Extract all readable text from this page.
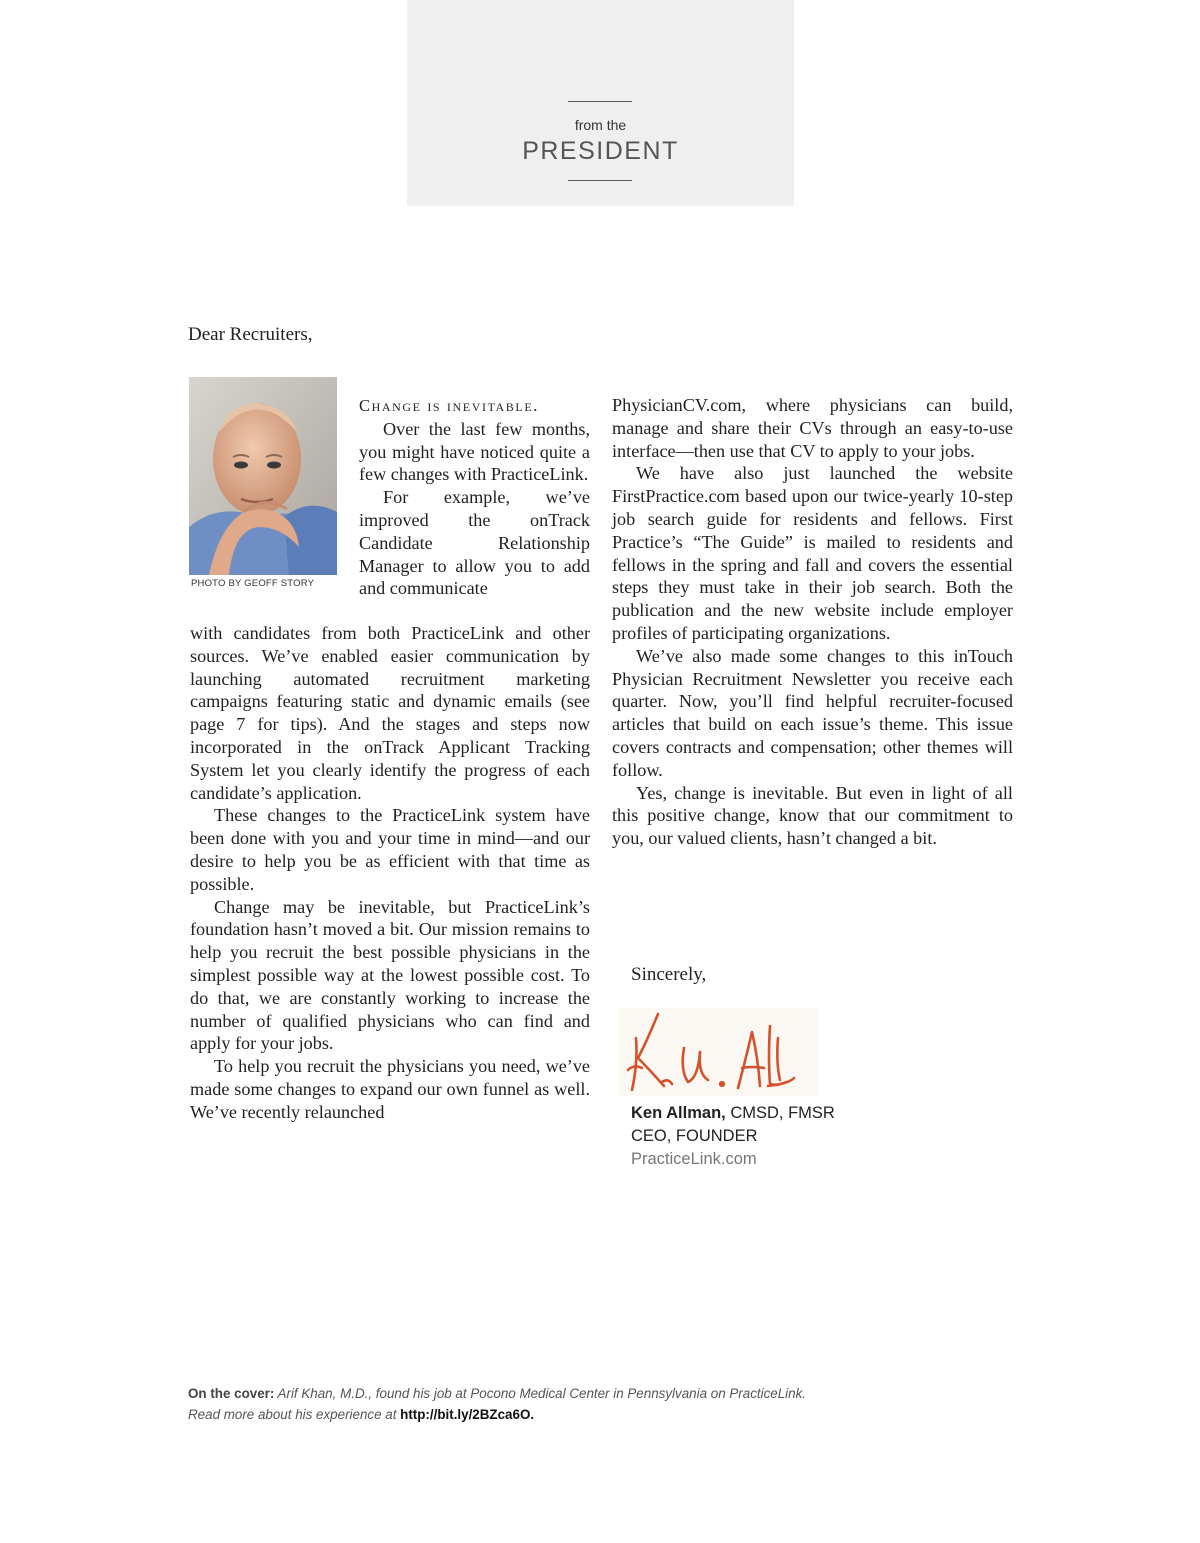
from the
PRESIDENT
Dear Recruiters,
PHOTO BY GEOFF STORY

Change is inevitable.
Over the last few months, you might have noticed quite a few changes with PracticeLink.

For example, we’ve improved the onTrack Candidate Relationship Manager to allow you to add and communicate

with candidates from both PracticeLink and other sources. We’ve enabled easier communication by launching automated recruitment marketing campaigns featuring static and dynamic emails (see page 7 for tips). And the stages and steps now incorporated in the onTrack Applicant Tracking System let you clearly identify the progress of each candidate’s application.

These changes to the PracticeLink system have been done with you and your time in mind—and our desire to help you be as efficient with that time as possible.

Change may be inevitable, but PracticeLink’s foundation hasn’t moved a bit. Our mission remains to help you recruit the best possible physicians in the simplest possible way at the lowest possible cost. To do that, we are constantly working to increase the number of qualified physicians who can find and apply for your jobs.

To help you recruit the physicians you need, we’ve made some changes to expand our own funnel as well. We’ve recently relaunched

PhysicianCV.com, where physicians can build, manage and share their CVs through an easy-to-use interface—then use that CV to apply to your jobs.

We have also just launched the website FirstPractice.com based upon our twice-yearly 10-step job search guide for residents and fellows. First Practice’s “The Guide” is mailed to residents and fellows in the spring and fall and covers the essential steps they must take in their job search. Both the publication and the new website include employer profiles of participating organizations.

We’ve also made some changes to this inTouch Physician Recruitment Newsletter you receive each quarter. Now, you’ll find helpful recruiter-focused articles that build on each issue’s theme. This issue covers contracts and compensation; other themes will follow.

Yes, change is inevitable. But even in light of all this positive change, know that our commitment to you, our valued clients, hasn’t changed a bit.

Sincerely,
Ken Allman, CMSD, FMSR
CEO, FOUNDER
PracticeLink.com
On the cover: Arif Khan, M.D., found his job at Pocono Medical Center in Pennsylvania on PracticeLink. Read more about his experience at http://bit.ly/2BZca6O.
